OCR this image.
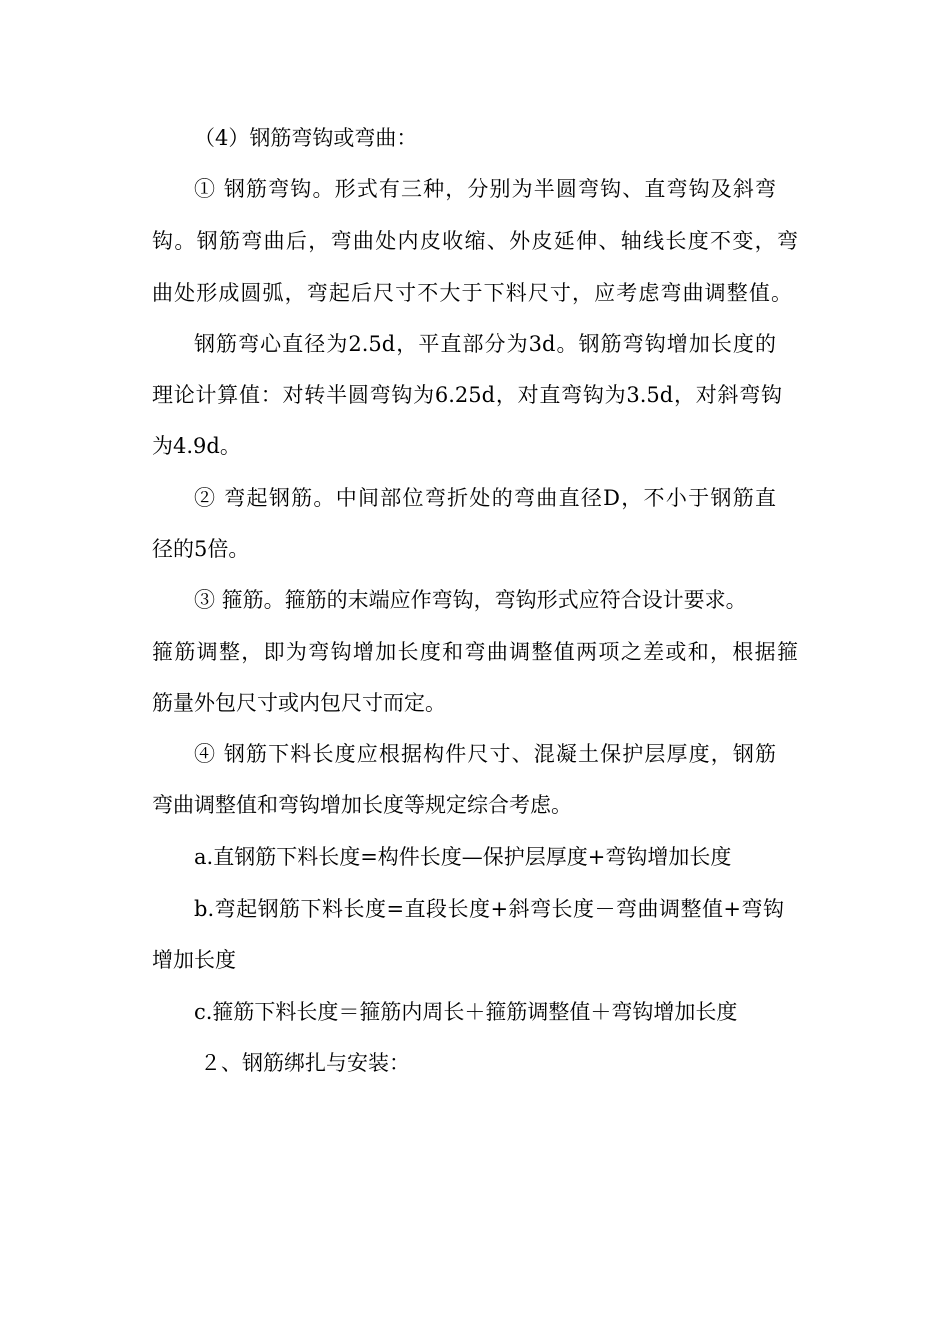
（4）钢筋弯钩或弯曲：
① 钢筋弯钩。形式有三种，分别为半圆弯钩、直弯钩及斜弯
钩。钢筋弯曲后，弯曲处内皮收缩、外皮延伸、轴线长度不变，弯
曲处形成圆弧，弯起后尺寸不大于下料尺寸，应考虑弯曲调整值。
钢筋弯心直径为2.5d，平直部分为3d。钢筋弯钩增加长度的
理论计算值：对转半圆弯钩为6.25d，对直弯钩为3.5d，对斜弯钩
为4.9d。
② 弯起钢筋。中间部位弯折处的弯曲直径D，不小于钢筋直
径的5倍。
③ 箍筋。箍筋的末端应作弯钩，弯钩形式应符合设计要求。
箍筋调整，即为弯钩增加长度和弯曲调整值两项之差或和，根据箍
筋量外包尺寸或内包尺寸而定。
④ 钢筋下料长度应根据构件尺寸、混凝土保护层厚度，钢筋
弯曲调整值和弯钩增加长度等规定综合考虑。
a.直钢筋下料长度=构件长度—保护层厚度+弯钩增加长度
b.弯起钢筋下料长度=直段长度+斜弯长度－弯曲调整值+弯钩
增加长度
c.箍筋下料长度＝箍筋内周长＋箍筋调整值＋弯钩增加长度
２、钢筋绑扎与安装：
